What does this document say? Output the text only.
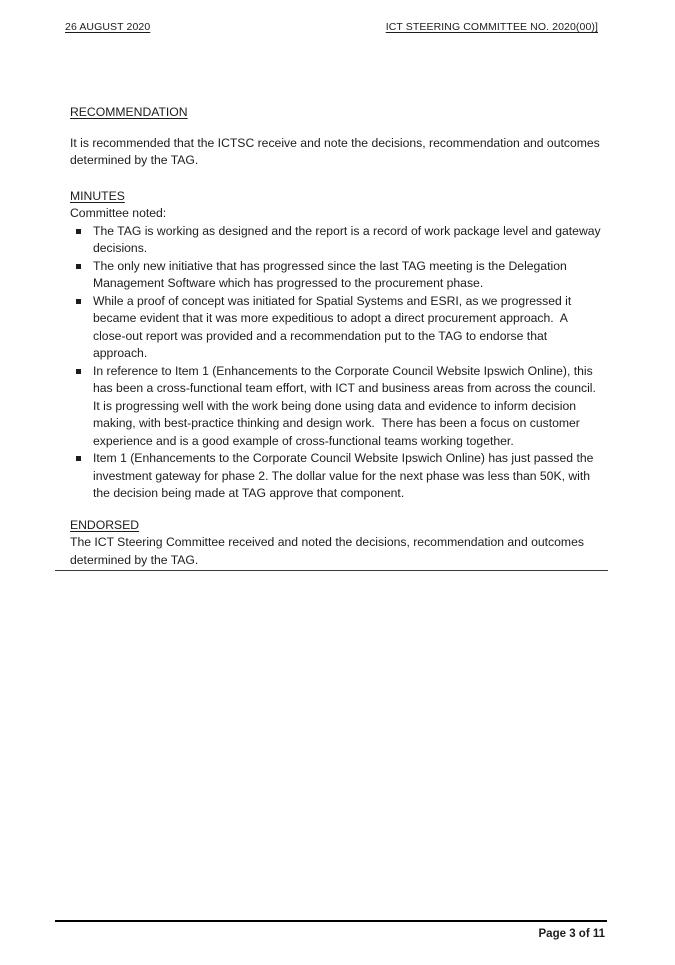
26 AUGUST 2020	ICT STEERING COMMITTEE NO. 2020(00)]
RECOMMENDATION

It is recommended that the ICTSC receive and note the decisions, recommendation and outcomes determined by the TAG.

MINUTES
Committee noted:
The TAG is working as designed and the report is a record of work package level and gateway decisions.
The only new initiative that has progressed since the last TAG meeting is the Delegation Management Software which has progressed to the procurement phase.
While a proof of concept was initiated for Spatial Systems and ESRI, as we progressed it became evident that it was more expeditious to adopt a direct procurement approach.  A close-out report was provided and a recommendation put to the TAG to endorse that approach.
In reference to Item 1 (Enhancements to the Corporate Council Website Ipswich Online), this has been a cross-functional team effort, with ICT and business areas from across the council.  It is progressing well with the work being done using data and evidence to inform decision making, with best-practice thinking and design work.  There has been a focus on customer experience and is a good example of cross-functional teams working together.
Item 1 (Enhancements to the Corporate Council Website Ipswich Online) has just passed the investment gateway for phase 2. The dollar value for the next phase was less than 50K, with the decision being made at TAG approve that component.
ENDORSED

The ICT Steering Committee received and noted the decisions, recommendation and outcomes determined by the TAG.

Page 3 of 11
